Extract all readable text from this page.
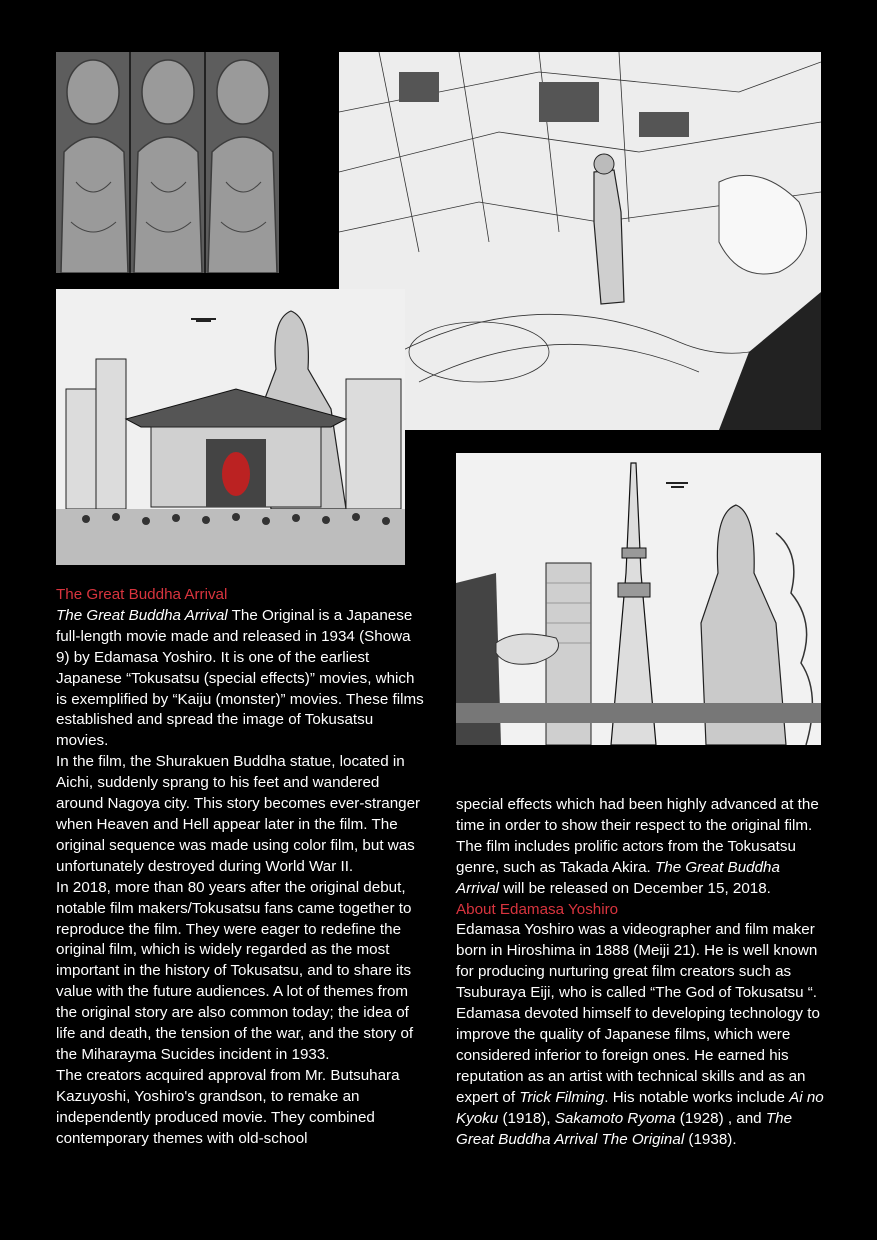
The Great Buddha Arrival

The Great Buddha Arrival The Original is a Japanese full-length movie made and released in 1934 (Showa 9) by Edamasa Yoshiro. It is one of the earliest Japanese “Tokusatsu (special effects)” movies, which is exemplified by “Kaiju (monster)” movies. These films established and spread the image of Tokusatsu movies.

In the film, the Shurakuen Buddha statue, located in Aichi, suddenly sprang to his feet and wandered around Nagoya city. This story becomes ever-stranger when Heaven and Hell appear later in the film. The original sequence was made using color film, but was unfortunately destroyed during World War II.

In 2018, more than 80 years after the original debut, notable film makers/Tokusatsu fans came together to reproduce the film. They were eager to redefine the original film, which is widely regarded as the most important in the history of Tokusatsu, and to share its value with the future audiences. A lot of themes from the original story are also common today; the idea of life and death, the tension of the war, and the story of the Miharayma Sucides incident in 1933.

The creators acquired approval from Mr. Butsuhara Kazuyoshi, Yoshiro's grandson, to remake an independently produced movie. They combined contemporary themes with old-school

special effects which had been highly advanced at the time in order to show their respect to the original film. The film includes prolific actors from the Tokusatsu genre, such as Takada Akira. The Great Buddha Arrival will be released on December 15, 2018.

About Edamasa Yoshiro

Edamasa Yoshiro was a videographer and film maker born in Hiroshima in 1888 (Meiji 21). He is well known for producing nurturing great film creators such as Tsuburaya Eiji, who is called “The God of Tokusatsu “. Edamasa devoted himself to developing technology to improve the quality of Japanese films, which were considered inferior to foreign ones. He earned his reputation as an artist with technical skills and as an expert of Trick Filming. His notable works include Ai no Kyoku (1918), Sakamoto Ryoma (1928) , and The Great Buddha Arrival The Original (1938).
